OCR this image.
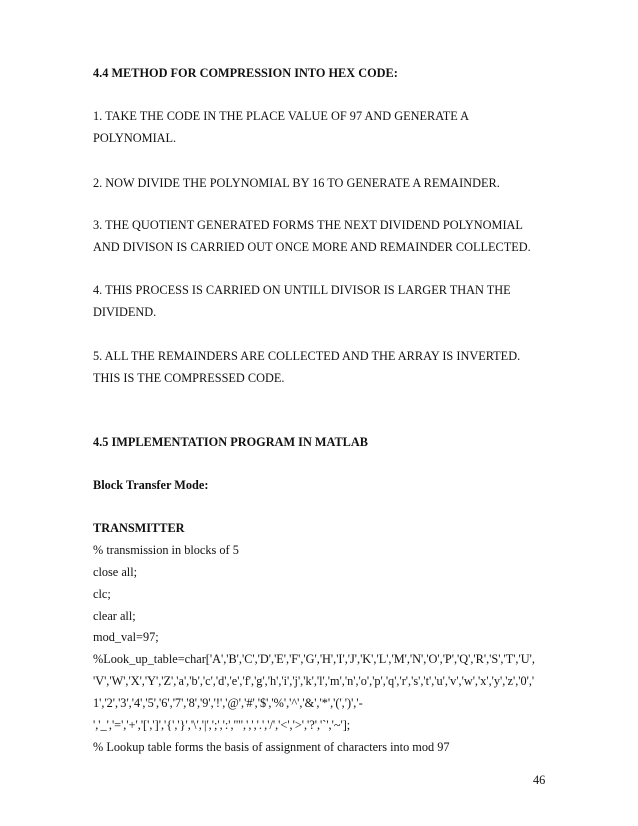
4.4 METHOD FOR COMPRESSION INTO HEX CODE:
1. TAKE THE CODE IN THE PLACE VALUE OF 97 AND GENERATE A
POLYNOMIAL.
2. NOW DIVIDE THE POLYNOMIAL BY 16 TO GENERATE A REMAINDER.
3. THE QUOTIENT GENERATED FORMS THE NEXT DIVIDEND POLYNOMIAL
AND DIVISON IS CARRIED OUT ONCE MORE AND REMAINDER COLLECTED.
4. THIS PROCESS IS CARRIED ON UNTILL DIVISOR IS LARGER THAN THE
DIVIDEND.
5. ALL THE REMAINDERS ARE COLLECTED AND THE ARRAY IS INVERTED.
THIS IS THE COMPRESSED CODE.
4.5 IMPLEMENTATION PROGRAM IN MATLAB
Block Transfer Mode:
TRANSMITTER
% transmission in blocks of 5
close all;
clc;
clear all;
mod_val=97;
%Look_up_table=char['A','B','C','D','E','F','G','H','I','J','K','L','M','N','O','P','Q','R','S','T','U',
'V','W','X','Y','Z','a','b','c','d','e','f','g','h','i','j','k','l','m','n','o','p','q','r','s','t','u','v','w','x','y','z','0','
1','2','3','4','5','6','7','8','9','!','@','#','$','%','^','&','*','(',')','-
','_','=','+','[',']','{','}','\','|',';',':','"',',','.','/','<','>','?','`','~'];
% Lookup table forms the basis of assignment of characters into mod 97
46
